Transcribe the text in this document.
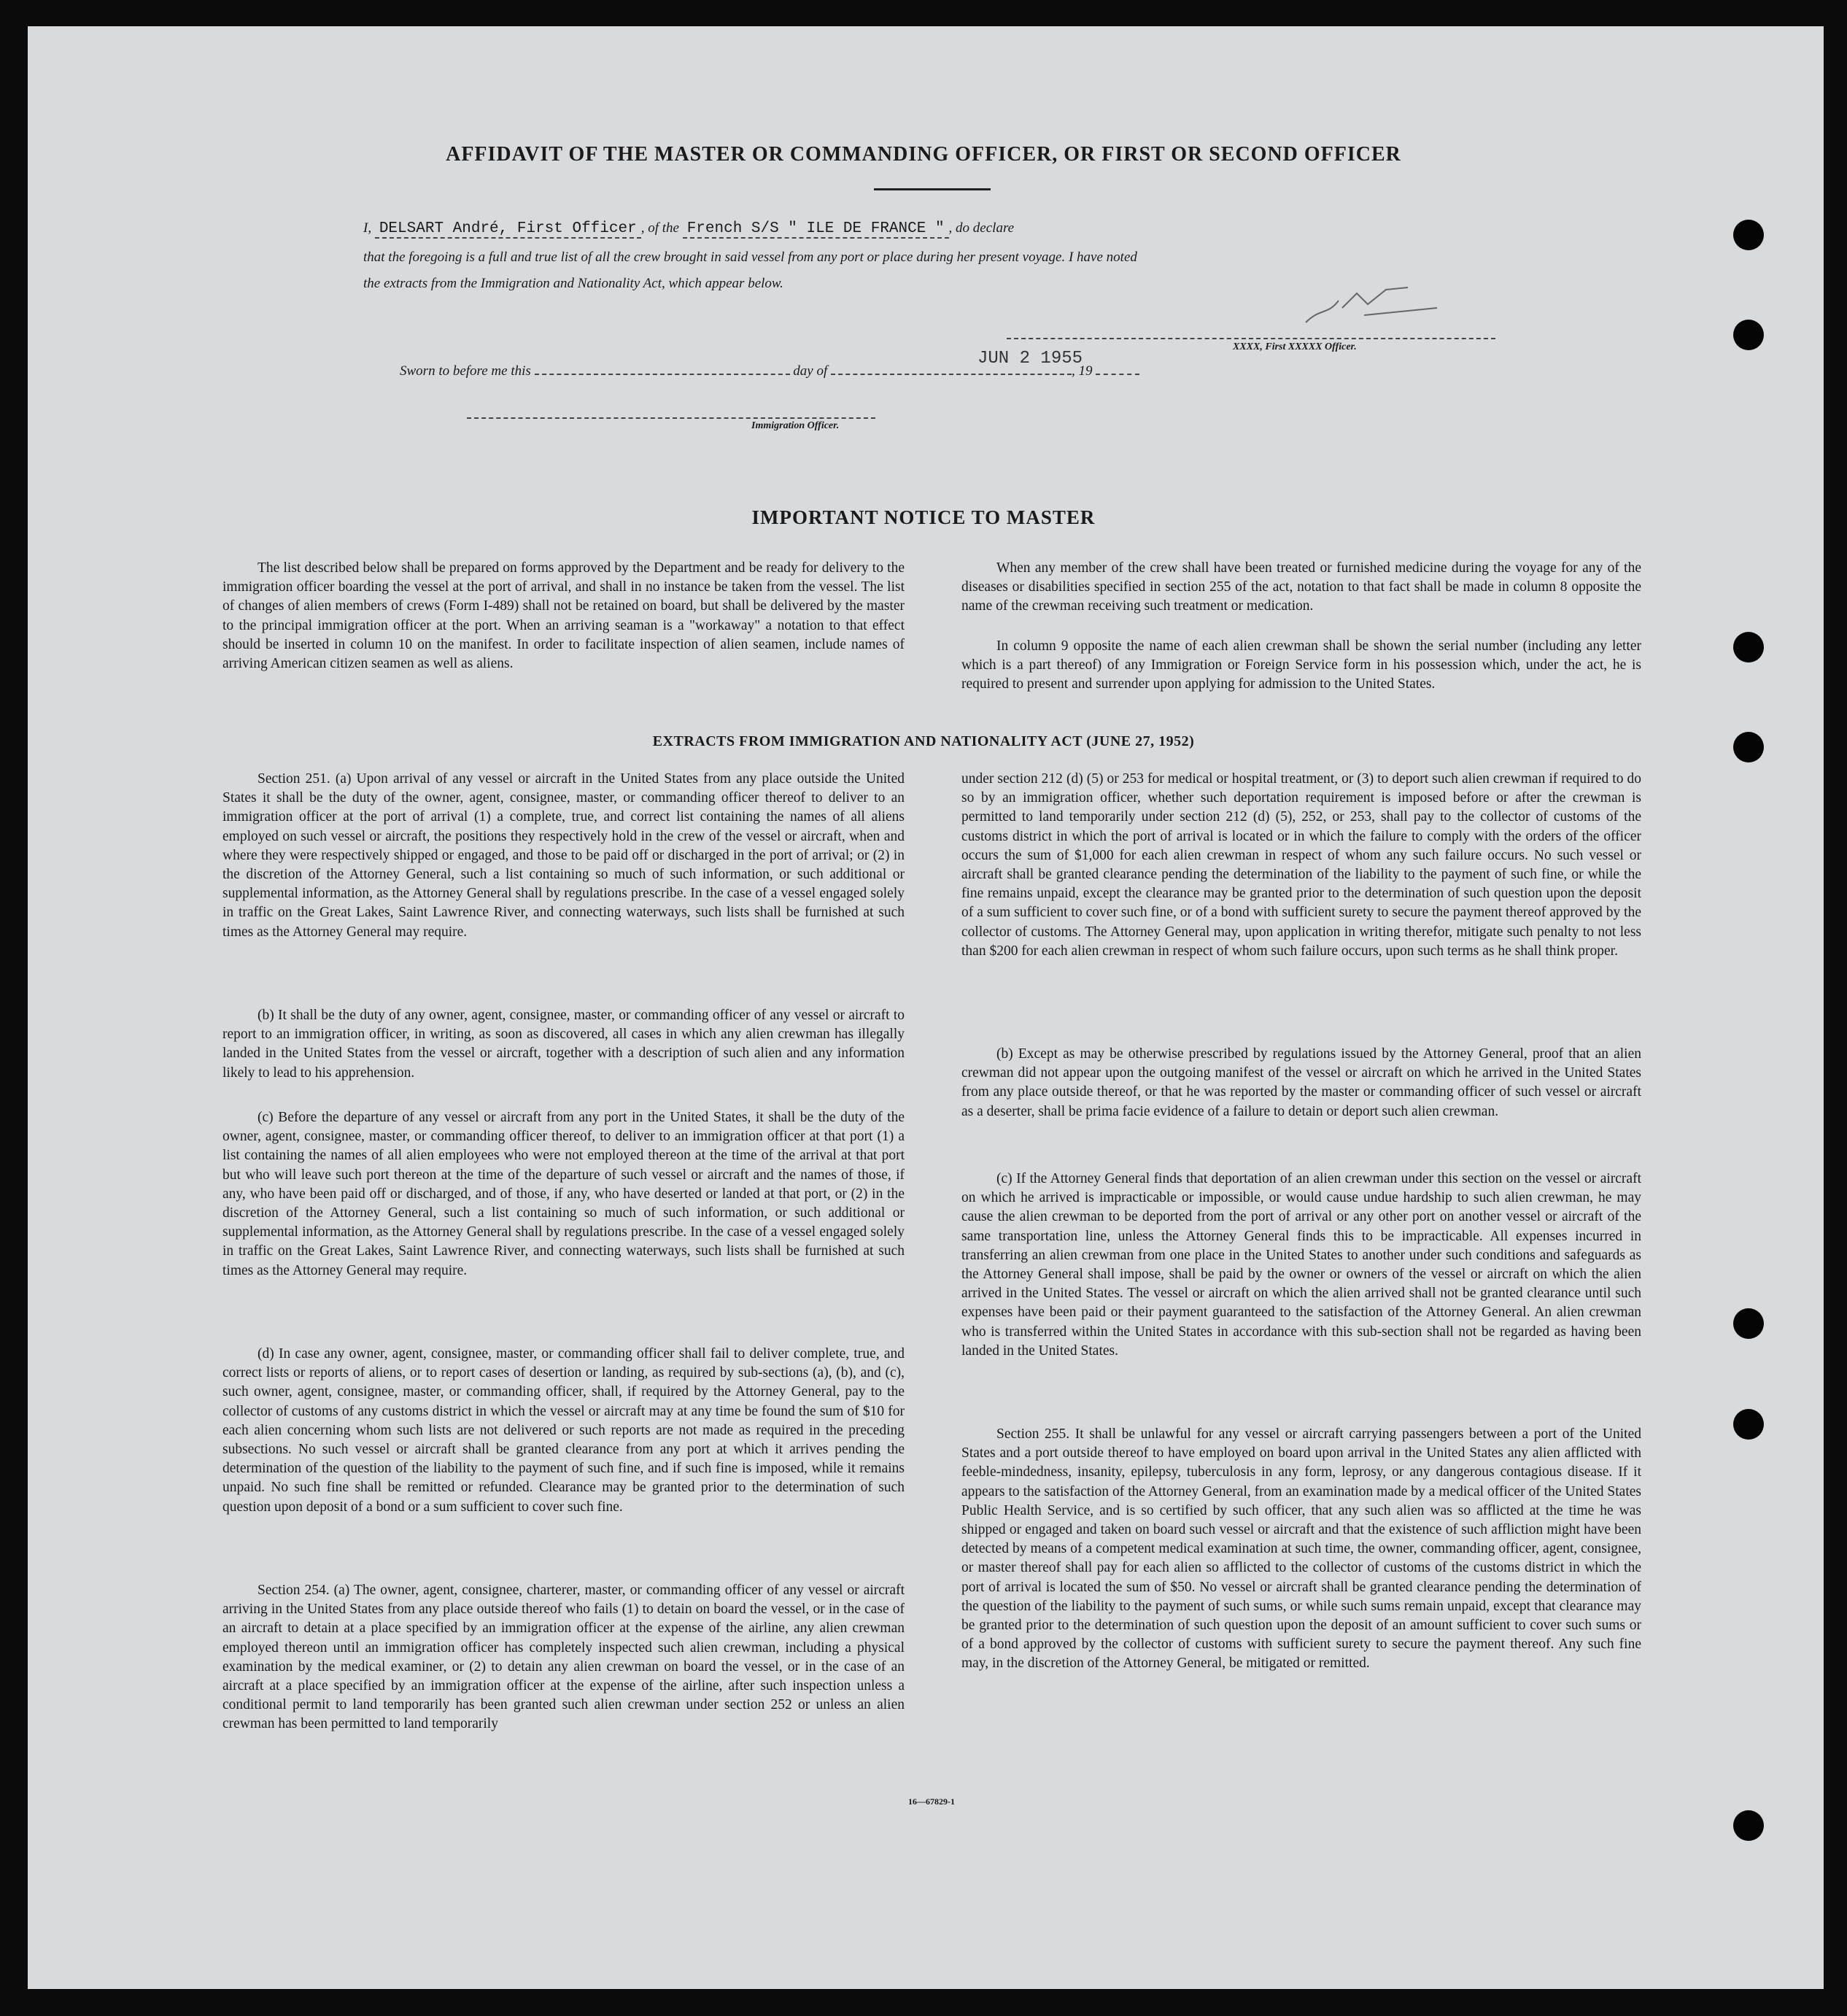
AFFIDAVIT OF THE MASTER OR COMMANDING OFFICER, OR FIRST OR SECOND OFFICER
I, DELSART André, First Officer , of the French S/S " ILE DE FRANCE " , do declare
that the foregoing is a full and true list of all the crew brought in said vessel from any port or place during her present voyage. I have noted
the extracts from the Immigration and Nationality Act, which appear below.
XXXX, First XXXXX Officer.
Sworn to before me this	day of	, 19
JUN 2 1955
Immigration Officer.
IMPORTANT NOTICE TO MASTER

The list described below shall be prepared on forms approved by the Department and be ready for delivery to the immigration officer boarding the vessel at the port of arrival, and shall in no instance be taken from the vessel. The list of changes of alien members of crews (Form I-489) shall not be retained on board, but shall be delivered by the master to the principal immigration officer at the port. When an arriving seaman is a "workaway" a notation to that effect should be inserted in column 10 on the manifest. In order to facilitate inspection of alien seamen, include names of arriving American citizen seamen as well as aliens.

When any member of the crew shall have been treated or furnished medicine during the voyage for any of the diseases or disabilities specified in section 255 of the act, notation to that fact shall be made in column 8 opposite the name of the crewman receiving such treatment or medication.

In column 9 opposite the name of each alien crewman shall be shown the serial number (including any letter which is a part thereof) of any Immigration or Foreign Service form in his possession which, under the act, he is required to present and surrender upon applying for admission to the United States.

EXTRACTS FROM IMMIGRATION AND NATIONALITY ACT (JUNE 27, 1952)

Section 251. (a) Upon arrival of any vessel or aircraft in the United States from any place outside the United States it shall be the duty of the owner, agent, consignee, master, or commanding officer thereof to deliver to an immigration officer at the port of arrival (1) a complete, true, and correct list containing the names of all aliens employed on such vessel or aircraft, the positions they respectively hold in the crew of the vessel or aircraft, when and where they were respectively shipped or engaged, and those to be paid off or discharged in the port of arrival; or (2) in the discretion of the Attorney General, such a list containing so much of such information, or such additional or supplemental information, as the Attorney General shall by regulations prescribe. In the case of a vessel engaged solely in traffic on the Great Lakes, Saint Lawrence River, and connecting waterways, such lists shall be furnished at such times as the Attorney General may require.

(b) It shall be the duty of any owner, agent, consignee, master, or commanding officer of any vessel or aircraft to report to an immigration officer, in writing, as soon as discovered, all cases in which any alien crewman has illegally landed in the United States from the vessel or aircraft, together with a description of such alien and any information likely to lead to his apprehension.

(c) Before the departure of any vessel or aircraft from any port in the United States, it shall be the duty of the owner, agent, consignee, master, or commanding officer thereof, to deliver to an immigration officer at that port (1) a list containing the names of all alien employees who were not employed thereon at the time of the arrival at that port but who will leave such port thereon at the time of the departure of such vessel or aircraft and the names of those, if any, who have been paid off or discharged, and of those, if any, who have deserted or landed at that port, or (2) in the discretion of the Attorney General, such a list containing so much of such information, or such additional or supplemental information, as the Attorney General shall by regulations prescribe. In the case of a vessel engaged solely in traffic on the Great Lakes, Saint Lawrence River, and connecting waterways, such lists shall be furnished at such times as the Attorney General may require.

(d) In case any owner, agent, consignee, master, or commanding officer shall fail to deliver complete, true, and correct lists or reports of aliens, or to report cases of desertion or landing, as required by sub-sections (a), (b), and (c), such owner, agent, consignee, master, or commanding officer, shall, if required by the Attorney General, pay to the collector of customs of any customs district in which the vessel or aircraft may at any time be found the sum of $10 for each alien concerning whom such lists are not delivered or such reports are not made as required in the preceding subsections. No such vessel or aircraft shall be granted clearance from any port at which it arrives pending the determination of the question of the liability to the payment of such fine, and if such fine is imposed, while it remains unpaid. No such fine shall be remitted or refunded. Clearance may be granted prior to the determination of such question upon deposit of a bond or a sum sufficient to cover such fine.

Section 254. (a) The owner, agent, consignee, charterer, master, or commanding officer of any vessel or aircraft arriving in the United States from any place outside thereof who fails (1) to detain on board the vessel, or in the case of an aircraft to detain at a place specified by an immigration officer at the expense of the airline, any alien crewman employed thereon until an immigration officer has completely inspected such alien crewman, including a physical examination by the medical examiner, or (2) to detain any alien crewman on board the vessel, or in the case of an aircraft at a place specified by an immigration officer at the expense of the airline, after such inspection unless a conditional permit to land temporarily has been granted such alien crewman under section 252 or unless an alien crewman has been permitted to land temporarily

under section 212 (d) (5) or 253 for medical or hospital treatment, or (3) to deport such alien crewman if required to do so by an immigration officer, whether such deportation requirement is imposed before or after the crewman is permitted to land temporarily under section 212 (d) (5), 252, or 253, shall pay to the collector of customs of the customs district in which the port of arrival is located or in which the failure to comply with the orders of the officer occurs the sum of $1,000 for each alien crewman in respect of whom any such failure occurs. No such vessel or aircraft shall be granted clearance pending the determination of the liability to the payment of such fine, or while the fine remains unpaid, except the clearance may be granted prior to the determination of such question upon the deposit of a sum sufficient to cover such fine, or of a bond with sufficient surety to secure the payment thereof approved by the collector of customs. The Attorney General may, upon application in writing therefor, mitigate such penalty to not less than $200 for each alien crewman in respect of whom such failure occurs, upon such terms as he shall think proper.

(b) Except as may be otherwise prescribed by regulations issued by the Attorney General, proof that an alien crewman did not appear upon the outgoing manifest of the vessel or aircraft on which he arrived in the United States from any place outside thereof, or that he was reported by the master or commanding officer of such vessel or aircraft as a deserter, shall be prima facie evidence of a failure to detain or deport such alien crewman.

(c) If the Attorney General finds that deportation of an alien crewman under this section on the vessel or aircraft on which he arrived is impracticable or impossible, or would cause undue hardship to such alien crewman, he may cause the alien crewman to be deported from the port of arrival or any other port on another vessel or aircraft of the same transportation line, unless the Attorney General finds this to be impracticable. All expenses incurred in transferring an alien crewman from one place in the United States to another under such conditions and safeguards as the Attorney General shall impose, shall be paid by the owner or owners of the vessel or aircraft on which the alien arrived in the United States. The vessel or aircraft on which the alien arrived shall not be granted clearance until such expenses have been paid or their payment guaranteed to the satisfaction of the Attorney General. An alien crewman who is transferred within the United States in accordance with this sub-section shall not be regarded as having been landed in the United States.

Section 255. It shall be unlawful for any vessel or aircraft carrying passengers between a port of the United States and a port outside thereof to have employed on board upon arrival in the United States any alien afflicted with feeble-mindedness, insanity, epilepsy, tuberculosis in any form, leprosy, or any dangerous contagious disease. If it appears to the satisfaction of the Attorney General, from an examination made by a medical officer of the United States Public Health Service, and is so certified by such officer, that any such alien was so afflicted at the time he was shipped or engaged and taken on board such vessel or aircraft and that the existence of such affliction might have been detected by means of a competent medical examination at such time, the owner, commanding officer, agent, consignee, or master thereof shall pay for each alien so afflicted to the collector of customs of the customs district in which the port of arrival is located the sum of $50. No vessel or aircraft shall be granted clearance pending the determination of the question of the liability to the payment of such sums, or while such sums remain unpaid, except that clearance may be granted prior to the determination of such question upon the deposit of an amount sufficient to cover such sums or of a bond approved by the collector of customs with sufficient surety to secure the payment thereof. Any such fine may, in the discretion of the Attorney General, be mitigated or remitted.

16—67829-1
